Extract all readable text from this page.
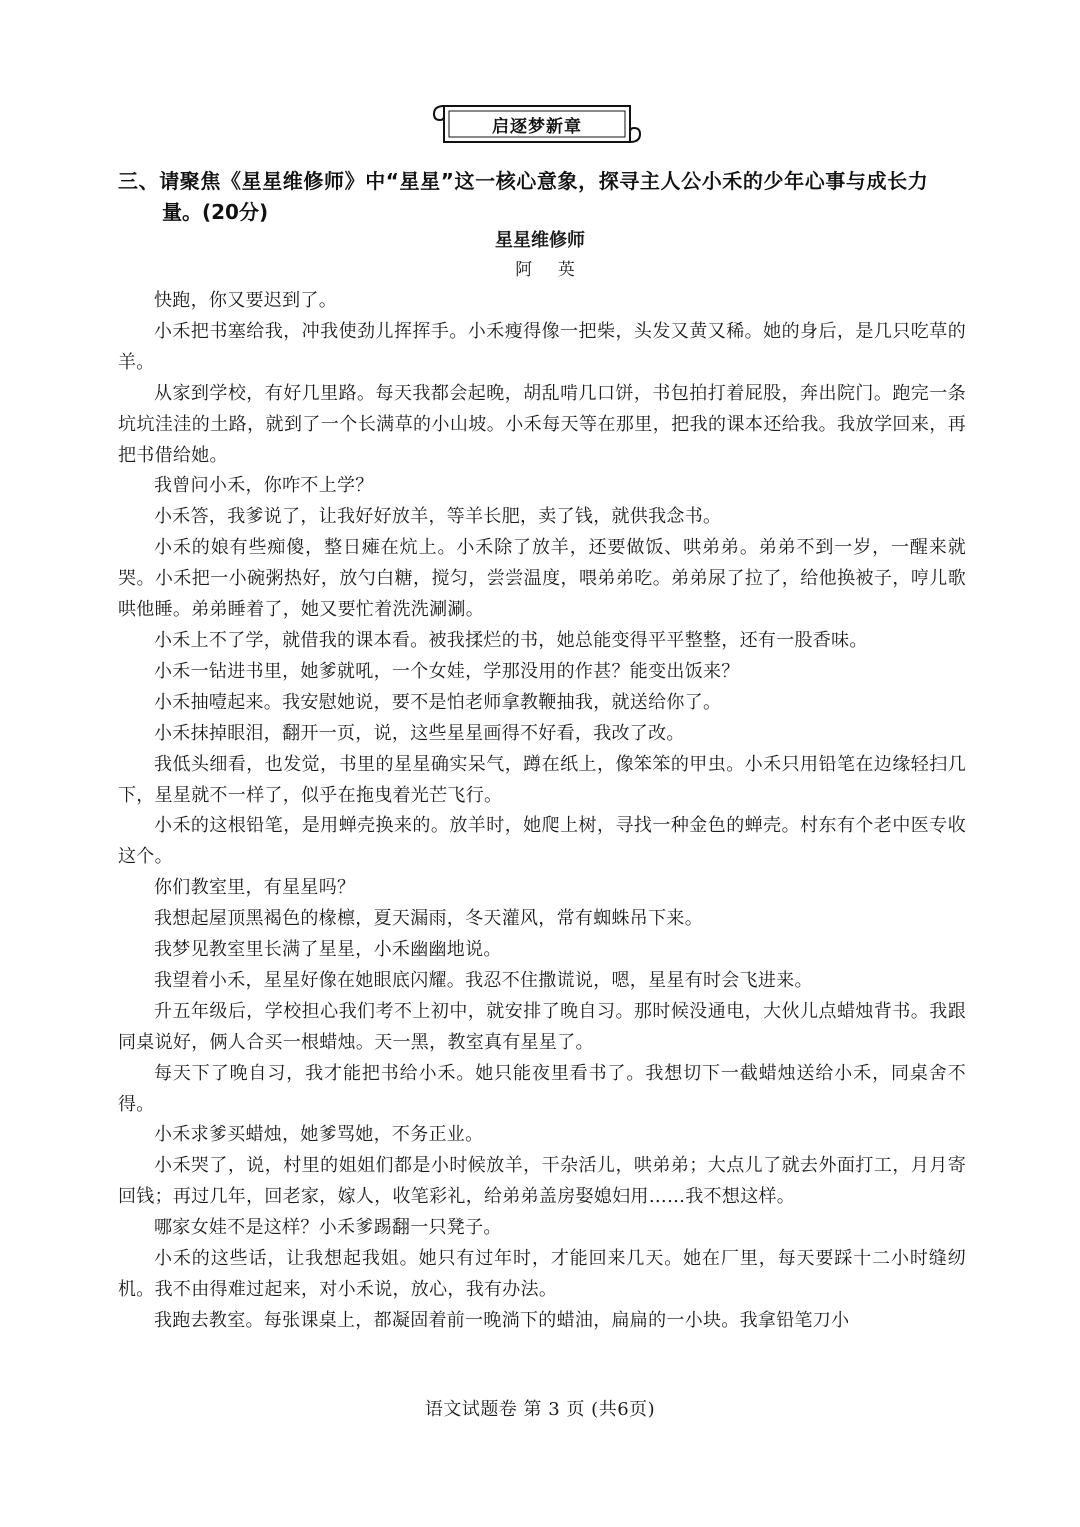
启逐梦新章
三、请聚焦《星星维修师》中“星星”这一核心意象，探寻主人公小禾的少年心事与成长力
量。(20分)
星星维修师
阿 英

快跑，你又要迟到了。

小禾把书塞给我，冲我使劲儿挥挥手。小禾瘦得像一把柴，头发又黄又稀。她的身后，是几只吃草的羊。

从家到学校，有好几里路。每天我都会起晚，胡乱啃几口饼，书包拍打着屁股，奔出院门。跑完一条坑坑洼洼的土路，就到了一个长满草的小山坡。小禾每天等在那里，把我的课本还给我。我放学回来，再把书借给她。

我曾问小禾，你咋不上学？

小禾答，我爹说了，让我好好放羊，等羊长肥，卖了钱，就供我念书。

小禾的娘有些痴傻，整日瘫在炕上。小禾除了放羊，还要做饭、哄弟弟。弟弟不到一岁，一醒来就哭。小禾把一小碗粥热好，放勺白糖，搅匀，尝尝温度，喂弟弟吃。弟弟尿了拉了，给他换被子，哼儿歌哄他睡。弟弟睡着了，她又要忙着洗洗涮涮。

小禾上不了学，就借我的课本看。被我揉烂的书，她总能变得平平整整，还有一股香味。

小禾一钻进书里，她爹就吼，一个女娃，学那没用的作甚？能变出饭来？

小禾抽噎起来。我安慰她说，要不是怕老师拿教鞭抽我，就送给你了。

小禾抹掉眼泪，翻开一页，说，这些星星画得不好看，我改了改。

我低头细看，也发觉，书里的星星确实呆气，蹲在纸上，像笨笨的甲虫。小禾只用铅笔在边缘轻扫几下，星星就不一样了，似乎在拖曳着光芒飞行。

小禾的这根铅笔，是用蝉壳换来的。放羊时，她爬上树，寻找一种金色的蝉壳。村东有个老中医专收这个。

你们教室里，有星星吗？

我想起屋顶黑褐色的椽檩，夏天漏雨，冬天灌风，常有蜘蛛吊下来。

我梦见教室里长满了星星，小禾幽幽地说。

我望着小禾，星星好像在她眼底闪耀。我忍不住撒谎说，嗯，星星有时会飞进来。

升五年级后，学校担心我们考不上初中，就安排了晚自习。那时候没通电，大伙儿点蜡烛背书。我跟同桌说好，俩人合买一根蜡烛。天一黑，教室真有星星了。

每天下了晚自习，我才能把书给小禾。她只能夜里看书了。我想切下一截蜡烛送给小禾，同桌舍不得。

小禾求爹买蜡烛，她爹骂她，不务正业。

小禾哭了，说，村里的姐姐们都是小时候放羊，干杂活儿，哄弟弟；大点儿了就去外面打工，月月寄回钱；再过几年，回老家，嫁人，收笔彩礼，给弟弟盖房娶媳妇用……我不想这样。

哪家女娃不是这样？小禾爹踢翻一只凳子。

小禾的这些话，让我想起我姐。她只有过年时，才能回来几天。她在厂里，每天要踩十二小时缝纫机。我不由得难过起来，对小禾说，放心，我有办法。

我跑去教室。每张课桌上，都凝固着前一晚淌下的蜡油，扁扁的一小块。我拿铅笔刀小

语文试题卷 第 3 页 (共6页)
